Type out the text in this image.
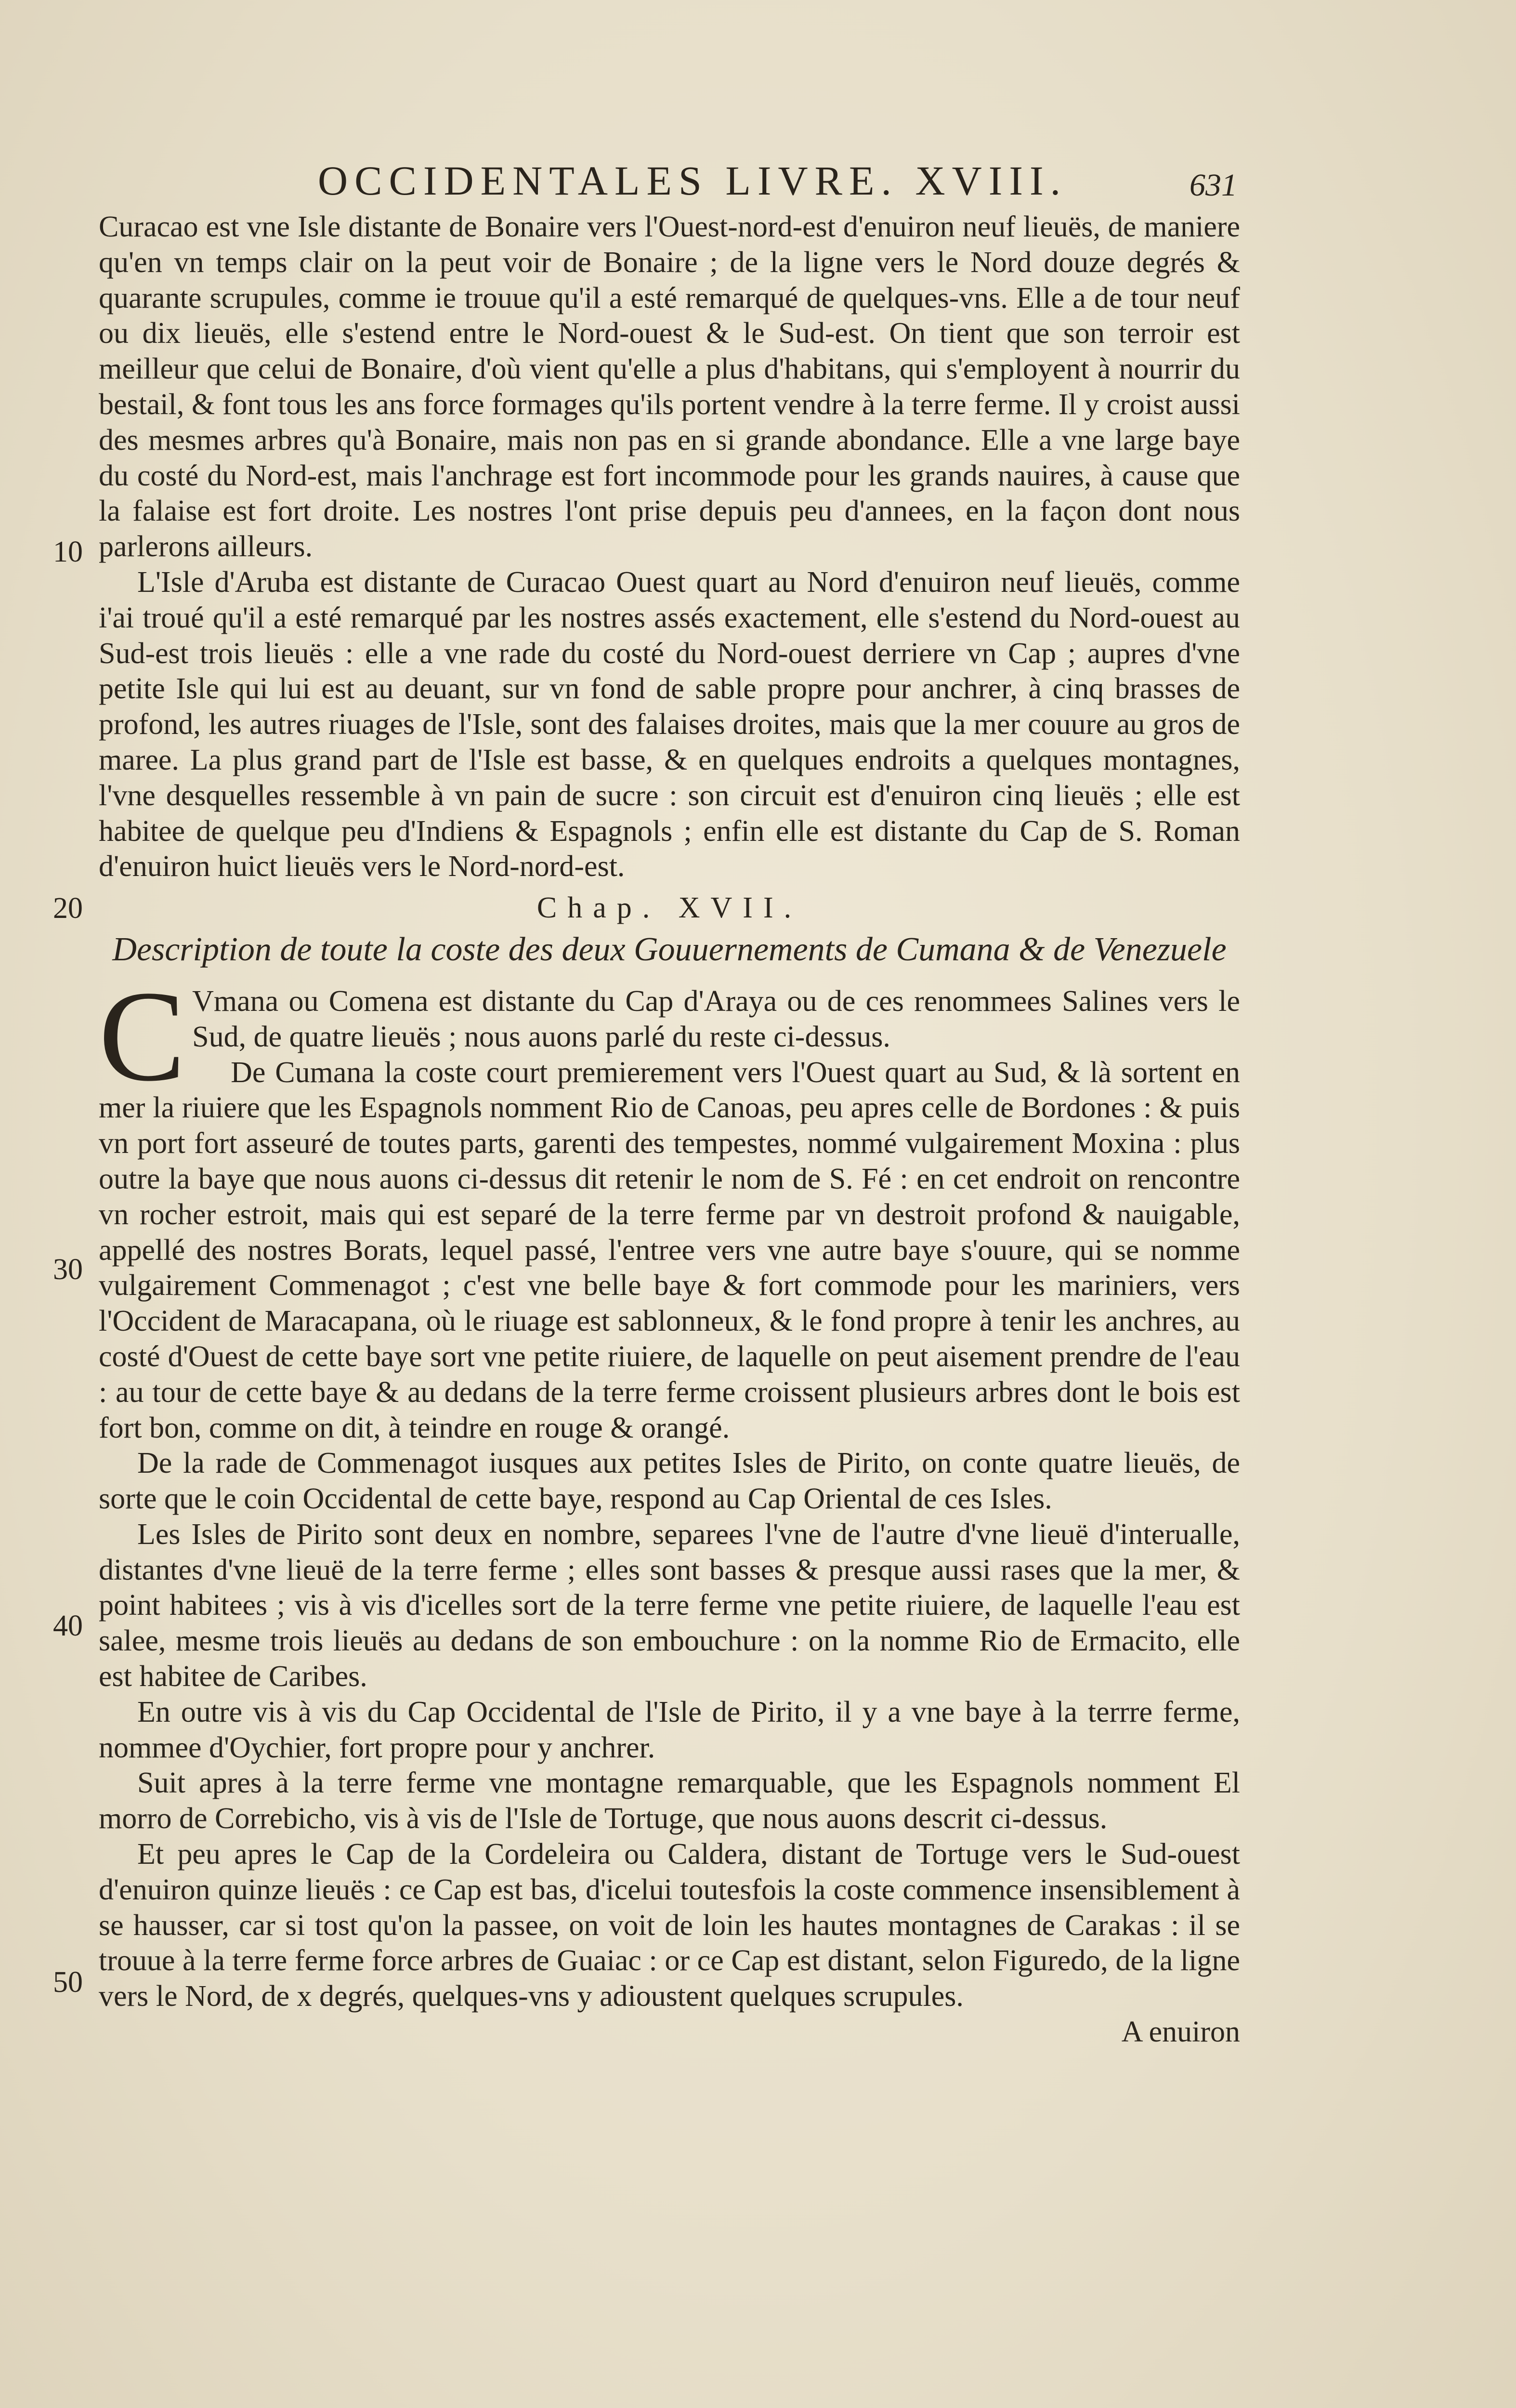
OCCIDENTALES LIVRE. XVIII.	631
10
20
30
40
50

Curacao est vne Isle distante de Bonaire vers l'Ouest-nord-est d'enuiron neuf lieuës, de maniere qu'en vn temps clair on la peut voir de Bonaire ; de la ligne vers le Nord douze degrés & quarante scrupules, comme ie trouue qu'il a esté remarqué de quelques-vns. Elle a de tour neuf ou dix lieuës, elle s'estend entre le Nord-ouest & le Sud-est. On tient que son terroir est meilleur que celui de Bonaire, d'où vient qu'elle a plus d'habitans, qui s'employent à nourrir du bestail, & font tous les ans force formages qu'ils portent vendre à la terre ferme. Il y croist aussi des mesmes arbres qu'à Bonaire, mais non pas en si grande abondance. Elle a vne large baye du costé du Nord-est, mais l'anchrage est fort incommode pour les grands nauires, à cause que la falaise est fort droite. Les nostres l'ont prise depuis peu d'annees, en la façon dont nous parlerons ailleurs.

L'Isle d'Aruba est distante de Curacao Ouest quart au Nord d'enuiron neuf lieuës, comme i'ai troué qu'il a esté remarqué par les nostres assés exactement, elle s'estend du Nord-ouest au Sud-est trois lieuës : elle a vne rade du costé du Nord-ouest derriere vn Cap ; aupres d'vne petite Isle qui lui est au deuant, sur vn fond de sable propre pour anchrer, à cinq brasses de profond, les autres riuages de l'Isle, sont des falaises droites, mais que la mer couure au gros de maree. La plus grand part de l'Isle est basse, & en quelques endroits a quelques montagnes, l'vne desquelles ressemble à vn pain de sucre : son circuit est d'enuiron cinq lieuës ; elle est habitee de quelque peu d'Indiens & Espagnols ; enfin elle est distante du Cap de S. Roman d'enuiron huict lieuës vers le Nord-nord-est.

Chap. XVII.

Description de toute la coste des deux Gouuernements de Cumana & de Venezuele

C Vmana ou Comena est distante du Cap d'Araya ou de ces renommees Salines vers le Sud, de quatre lieuës ; nous auons parlé du reste ci-dessus.

De Cumana la coste court premierement vers l'Ouest quart au Sud, & là sortent en mer la riuiere que les Espagnols nomment Rio de Canoas, peu apres celle de Bordones : & puis vn port fort asseuré de toutes parts, garenti des tempestes, nommé vulgairement Moxina : plus outre la baye que nous auons ci-dessus dit retenir le nom de S. Fé : en cet endroit on rencontre vn rocher estroit, mais qui est separé de la terre ferme par vn destroit profond & nauigable, appellé des nostres Borats, lequel passé, l'entree vers vne autre baye s'ouure, qui se nomme vulgairement Commenagot ; c'est vne belle baye & fort commode pour les mariniers, vers l'Occident de Maracapana, où le riuage est sablonneux, & le fond propre à tenir les anchres, au costé d'Ouest de cette baye sort vne petite riuiere, de laquelle on peut aisement prendre de l'eau : au tour de cette baye & au dedans de la terre ferme croissent plusieurs arbres dont le bois est fort bon, comme on dit, à teindre en rouge & orangé.

De la rade de Commenagot iusques aux petites Isles de Pirito, on conte quatre lieuës, de sorte que le coin Occidental de cette baye, respond au Cap Oriental de ces Isles.

Les Isles de Pirito sont deux en nombre, separees l'vne de l'autre d'vne lieuë d'interualle, distantes d'vne lieuë de la terre ferme ; elles sont basses & presque aussi rases que la mer, & point habitees ; vis à vis d'icelles sort de la terre ferme vne petite riuiere, de laquelle l'eau est salee, mesme trois lieuës au dedans de son embouchure : on la nomme Rio de Ermacito, elle est habitee de Caribes.

En outre vis à vis du Cap Occidental de l'Isle de Pirito, il y a vne baye à la terrre ferme, nommee d'Oychier, fort propre pour y anchrer.

Suit apres à la terre ferme vne montagne remarquable, que les Espagnols nomment El morro de Correbicho, vis à vis de l'Isle de Tortuge, que nous auons descrit ci-dessus.

Et peu apres le Cap de la Cordeleira ou Caldera, distant de Tortuge vers le Sud-ouest d'enuiron quinze lieuës : ce Cap est bas, d'icelui toutesfois la coste commence insensiblement à se hausser, car si tost qu'on la passee, on voit de loin les hautes montagnes de Carakas : il se trouue à la terre ferme force arbres de Guaiac : or ce Cap est distant, selon Figuredo, de la ligne vers le Nord, de x degrés, quelques-vns y adioustent quelques scrupules.

A enuiron
